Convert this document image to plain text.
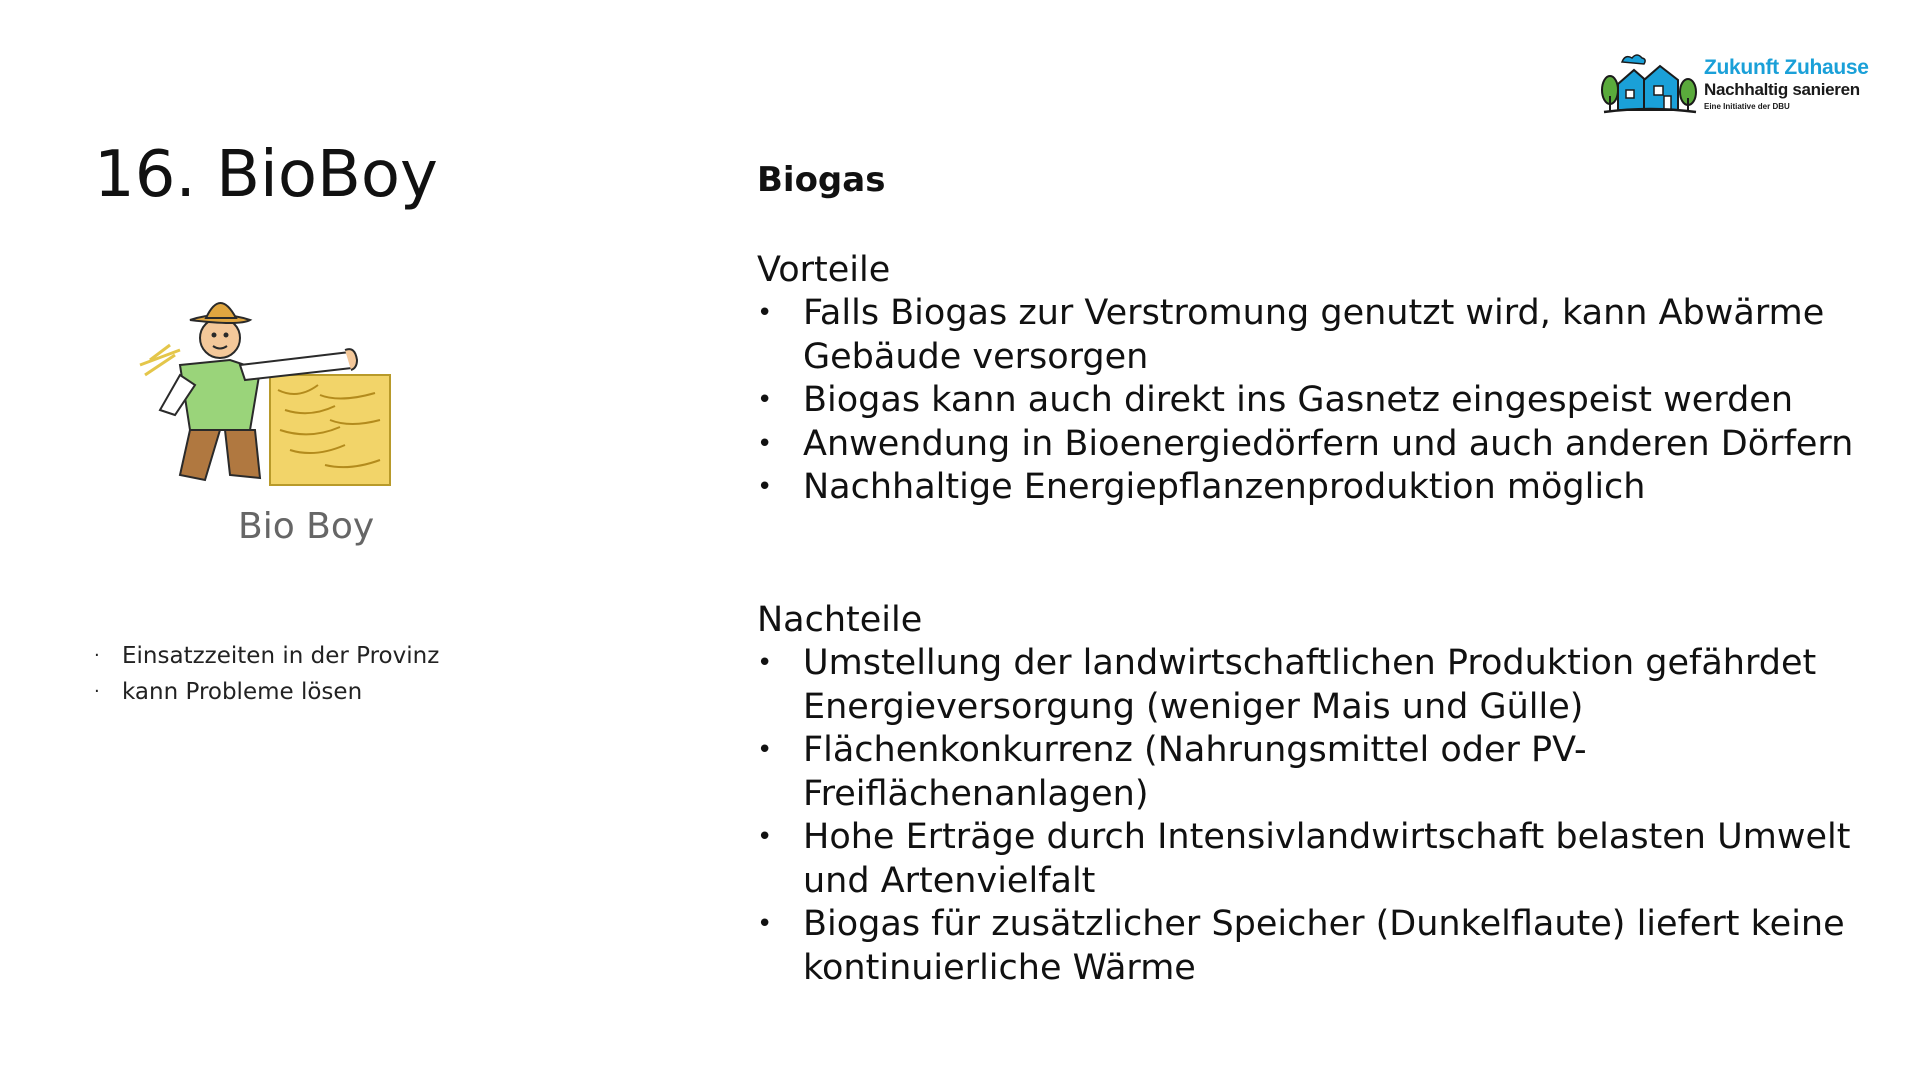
Zukunft Zuhause
Nachhaltig sanieren
Eine Initiative der DBU
16. BioBoy
Bio Boy
· Einsatzzeiten in der Provinz
· kann Probleme lösen
Biogas

Vorteile

• Falls Biogas zur Verstromung genutzt wird, kann Abwärme Gebäude versorgen
• Biogas kann auch direkt ins Gasnetz eingespeist werden
• Anwendung in Bioenergiedörfern und auch anderen Dörfern
• Nachhaltige Energiepflanzenproduktion möglich

Nachteile

• Umstellung der landwirtschaftlichen Produktion gefährdet Energieversorgung (weniger Mais und Gülle)
• Flächenkonkurrenz (Nahrungsmittel oder PV-Freiflächenanlagen)
• Hohe Erträge durch Intensivlandwirtschaft belasten Umwelt und Artenvielfalt
• Biogas für zusätzlicher Speicher (Dunkelflaute) liefert keine kontinuierliche Wärme
